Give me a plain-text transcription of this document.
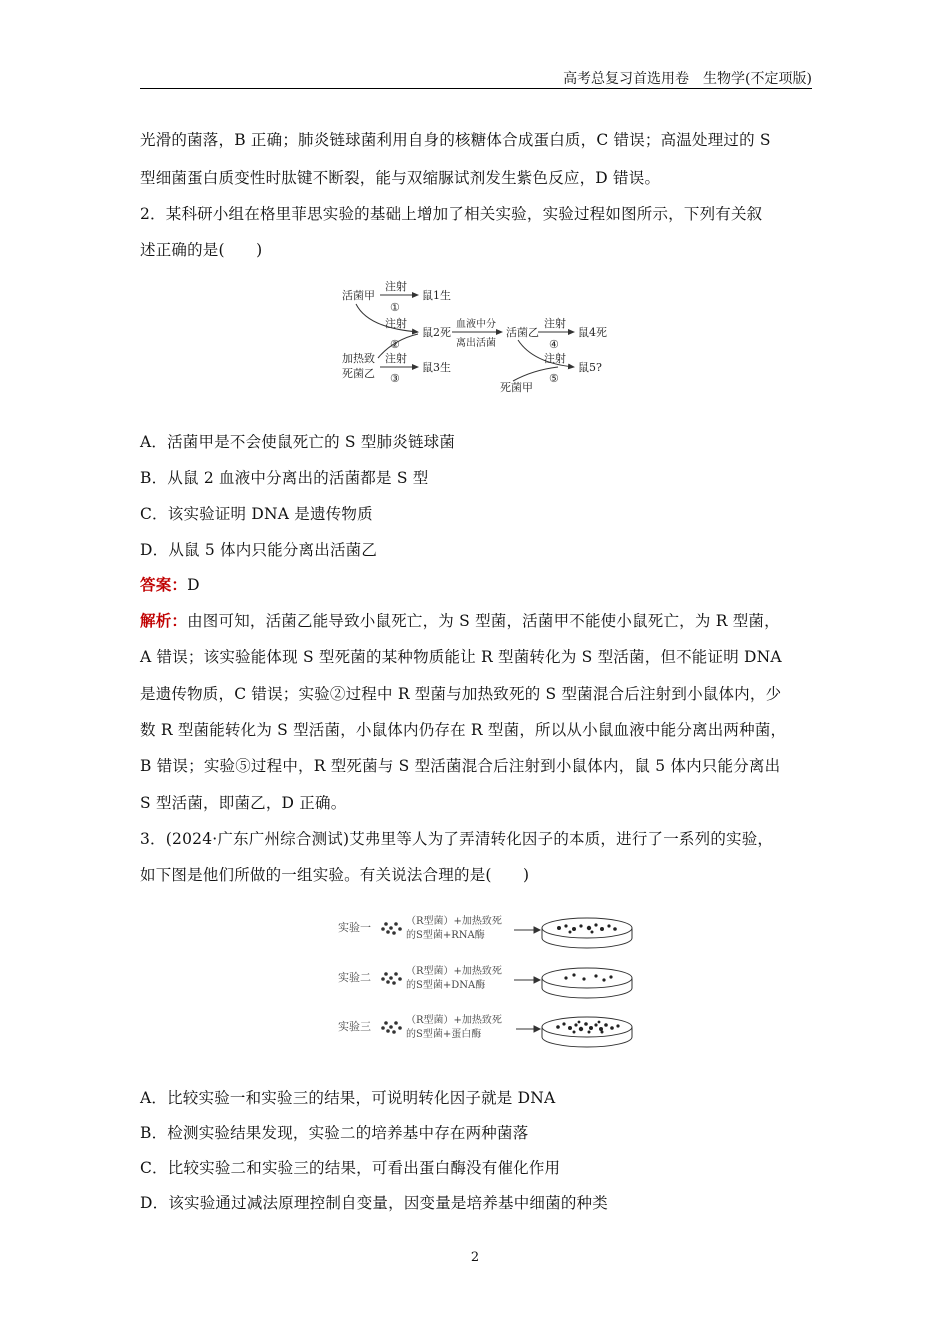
高考总复习首选用卷　生物学(不定项版)
光滑的菌落，B 正确；肺炎链球菌利用自身的核糖体合成蛋白质，C 错误；高温处理过的 S
型细菌蛋白质变性时肽键不断裂，能与双缩脲试剂发生紫色反应，D 错误。
2．某科研小组在格里菲思实验的基础上增加了相关实验，实验过程如图所示，下列有关叙
述正确的是(　　)
活菌甲
注射
①
鼠1生
注射
②
鼠2死
血液中分
离出活菌
活菌乙
注射
④
鼠4死
加热致
死菌乙
注射
③
鼠3生
注射
⑤
鼠5?
死菌甲
A．活菌甲是不会使鼠死亡的 S 型肺炎链球菌
B．从鼠 2 血液中分离出的活菌都是 S 型
C．该实验证明 DNA 是遗传物质
D．从鼠 5 体内只能分离出活菌乙
答案：D
解析：由图可知，活菌乙能导致小鼠死亡，为 S 型菌，活菌甲不能使小鼠死亡，为 R 型菌，
A 错误；该实验能体现 S 型死菌的某种物质能让 R 型菌转化为 S 型活菌，但不能证明 DNA
是遗传物质，C 错误；实验②过程中 R 型菌与加热致死的 S 型菌混合后注射到小鼠体内，少
数 R 型菌能转化为 S 型活菌，小鼠体内仍存在 R 型菌，所以从小鼠血液中能分离出两种菌，
B 错误；实验⑤过程中，R 型死菌与 S 型活菌混合后注射到小鼠体内，鼠 5 体内只能分离出
S 型活菌，即菌乙，D 正确。
3．(2024·广东广州综合测试)艾弗里等人为了弄清转化因子的本质，进行了一系列的实验，
如下图是他们所做的一组实验。有关说法合理的是(　　)
实验一	（R型菌）+加热致死
的S型菌+RNA酶
实验二	（R型菌）+加热致死
的S型菌+DNA酶
实验三	（R型菌）+加热致死
的S型菌+蛋白酶
A．比较实验一和实验三的结果，可说明转化因子就是 DNA
B．检测实验结果发现，实验二的培养基中存在两种菌落
C．比较实验二和实验三的结果，可看出蛋白酶没有催化作用
D．该实验通过减法原理控制自变量，因变量是培养基中细菌的种类
2
